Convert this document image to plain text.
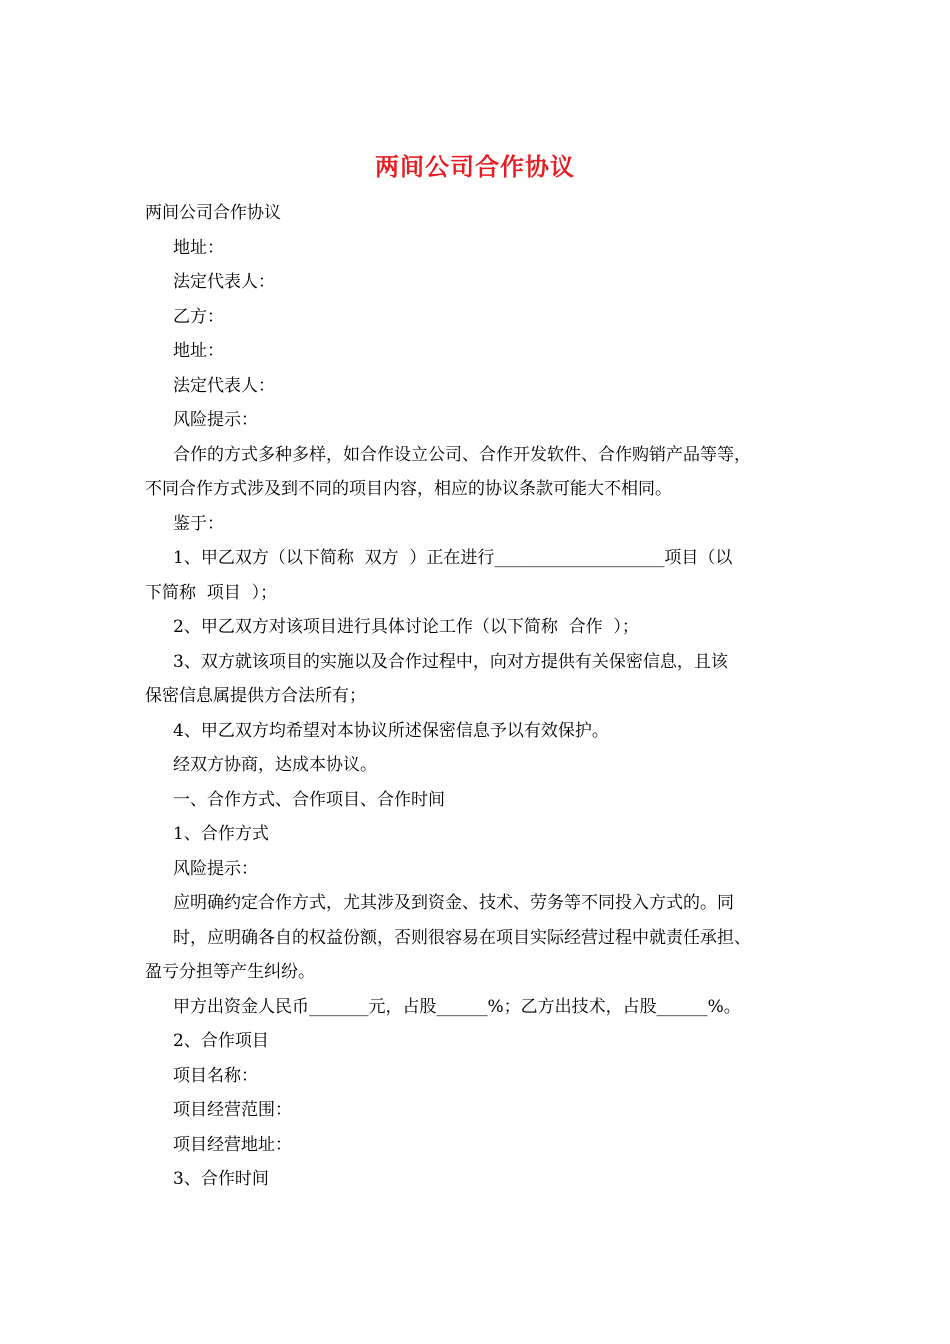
两间公司合作协议
两间公司合作协议
地址：
法定代表人：
乙方：
地址：
法定代表人：
风险提示：
合作的方式多种多样，如合作设立公司、合作开发软件、合作购销产品等等，
不同合作方式涉及到不同的项目内容，相应的协议条款可能大不相同。
鉴于：
1、甲乙双方（以下简称  双方  ）正在进行____________________项目（以
下简称  项目  ）；
2、甲乙双方对该项目进行具体讨论工作（以下简称  合作  ）；
3、双方就该项目的实施以及合作过程中，向对方提供有关保密信息，且该
保密信息属提供方合法所有；
4、甲乙双方均希望对本协议所述保密信息予以有效保护。
经双方协商，达成本协议。
一、合作方式、合作项目、合作时间
1、合作方式
风险提示：
应明确约定合作方式，尤其涉及到资金、技术、劳务等不同投入方式的。同
时，应明确各自的权益份额，否则很容易在项目实际经营过程中就责任承担、
盈亏分担等产生纠纷。
甲方出资金人民币_______元，占股______%；乙方出技术，占股______%。
2、合作项目
项目名称：
项目经营范围：
项目经营地址：
3、合作时间
